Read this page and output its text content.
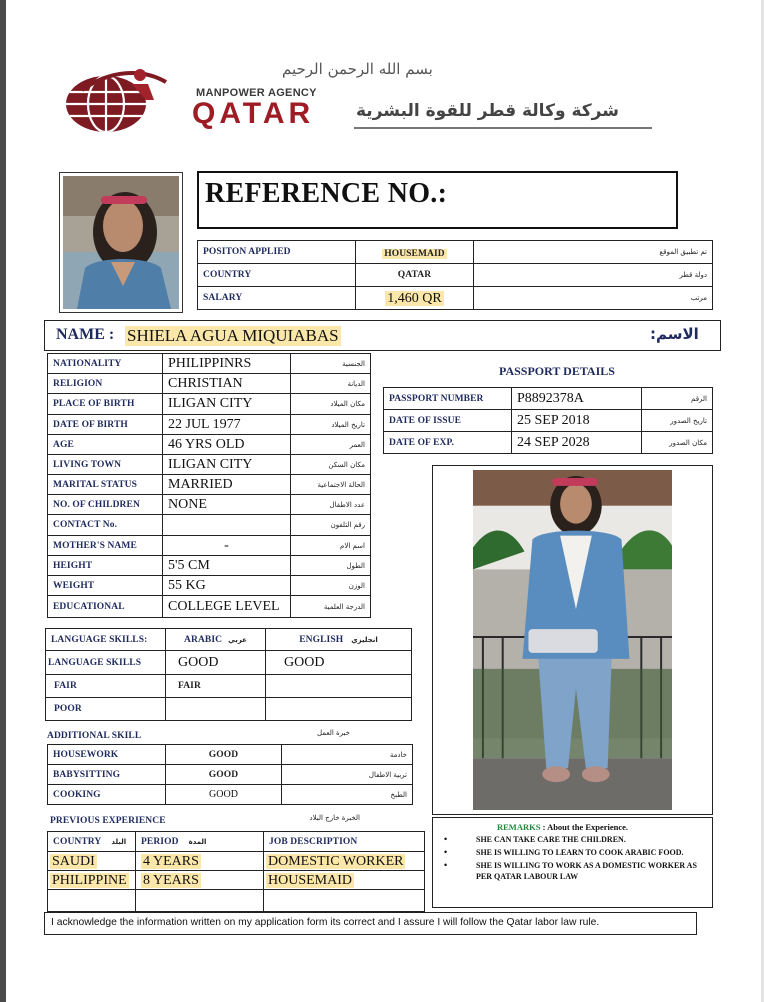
بسم الله الرحمن الرحيم
MANPOWER AGENCY
QATAR شركة وكالة قطر للقوة البشرية
REFERENCE NO.:
POSITON APPLIED	HOUSEMAID	تم تطبيق الموقع
COUNTRY	QATAR	دولة قطر
SALARY	1,460 QR	مرتب
NAME : SHIELA AGUA MIQUIABAS	الاسم:
NATIONALITY	PHILIPPINRS	الجنسية
RELIGION	CHRISTIAN	الديانة
PLACE OF BIRTH	ILIGAN CITY	مكان الميلاد
DATE OF BIRTH	22 JUL 1977	تاريخ الميلاد
AGE	46 YRS OLD	العمر
LIVING TOWN	ILIGAN CITY	مكان السكن
MARITAL STATUS	MARRIED	الحالة الاجتماعية
NO. OF CHILDREN	NONE	عدد الاطفال
CONTACT No.		رقم التلفون
MOTHER'S NAME	-	اسم الام
HEIGHT	5'5 CM	الطول
WEIGHT	55 KG	الوزن
EDUCATIONAL	COLLEGE LEVEL	الدرجة العلمية
PASSPORT DETAILS
PASSPORT NUMBER	P8892378A	الرقم
DATE OF ISSUE	25 SEP 2018	تاريخ الصدور
DATE OF EXP.	24 SEP 2028	مكان الصدور
LANGUAGE SKILLS:	ARABIC عربي	ENGLISH انجليزي
LANGUAGE SKILLS	GOOD	GOOD
FAIR	FAIR	
POOR		
ADDITIONAL SKILL	خبرة العمل
HOUSEWORK	GOOD	خادمة
BABYSITTING	GOOD	تربية الاطفال
COOKING	GOOD	الطبخ
PREVIOUS EXPERIENCE	الخبرة خارج البلاد
COUNTRY البلد	PERIOD المدة	JOB DESCRIPTION
SAUDI	4 YEARS	DOMESTIC WORKER
PHILIPPINE	8 YEARS	HOUSEMAID

REMARKS : About the Experience.
•	SHE CAN TAKE CARE THE CHILDREN.
•	SHE IS WILLING TO LEARN TO COOK ARABIC FOOD.
•	SHE IS WILLING TO WORK AS A DOMESTIC WORKER AS PER QATAR LABOUR LAW
I acknowledge the information written on my application form its correct and I assure I will follow the Qatar labor law rule.
